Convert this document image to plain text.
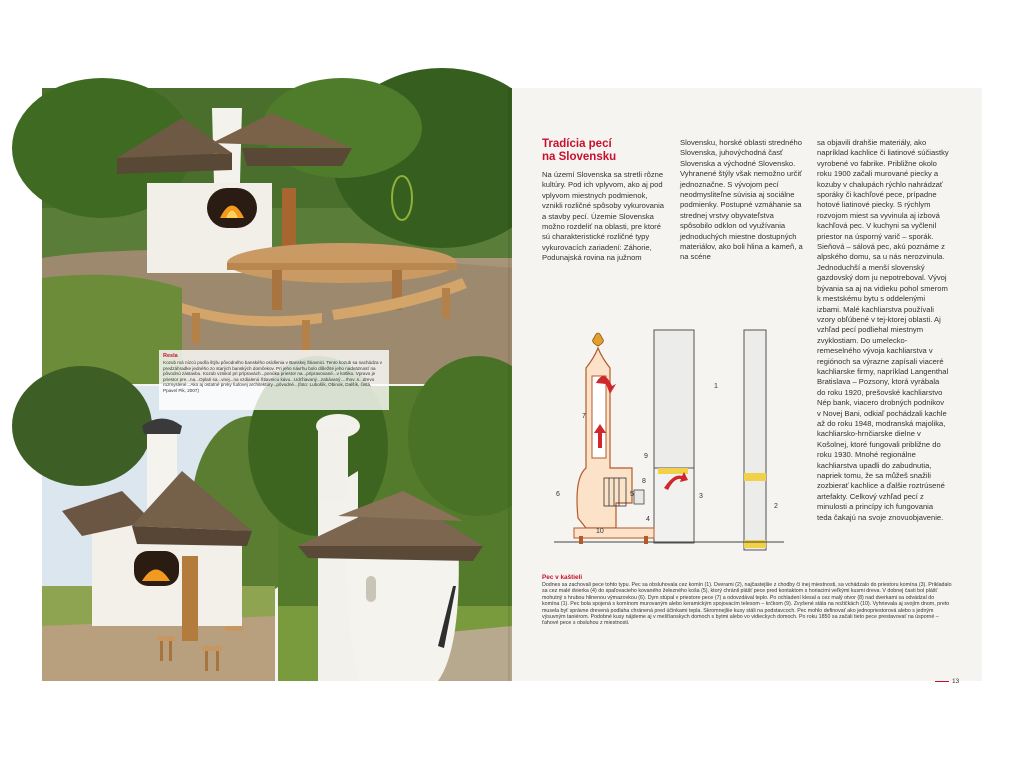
Resla
Kozub má nízcú podľa štýlu pôvodného banského osídlenia v Banskej Štiavnici. Tento kozub sa nachádza v predzáhradke jedného zo starých banských domčekov. Pri jeho návrhu bolo dôležité jeho nadväznosť na pôvodnú zástavbu. Kozub vznikol pri prípravách...ponúka priestor na...pripravované...v kotliku. Vpravo je priestor pre...na...Oplatí sa...vnej...na vzdialenú Štiavnicu kávu...Udržiavaný...zabávaný....rhov..s...drevo rozmyslené...Ako aj ostatné prvky ľudovej architektúry...pôvodné...(foto: Lubošík, Obinok, Dalšík, čistá, Ppavel Pik, 2007)
Tradícia pecí
na Slovensku
Na území Slovenska sa stretli rôzne kultúry. Pod ich vplyvom, ako aj pod vplyvom miestnych podmienok, vznikli rozličné spôsoby vykurovania a stavby pecí. Územie Slovenska možno rozdeliť na oblasti, pre ktoré sú charakteristické rozličné typy vykurovacích zariadení: Záhorie, Podunajská rovina na južnom
Slovensku, horské oblasti stredného Slovenska, juhovýchodná časť Slovenska a východné Slovensko. Vyhranené štýly však nemožno určiť jednoznačne. S vývojom pecí neodmysliteľne súvisia aj sociálne podmienky. Postupné vzmáhanie sa strednej vrstvy obyvateľstva spôsobilo odklon od využívania jednoduchých miestne dostupných materiálov, ako boli hlina a kameň, a na scéne
sa objavili drahšie materiály, ako napríklad kachlice či liatinové súčiastky vyrobené vo fabrike. Približne okolo roku 1900 začali murované piecky a kozuby v chalupách rýchlo nahrádzať sporáky či kachľové pece, prípadne hotové liatinové piecky. S rýchlym rozvojom miest sa vyvinula aj izbová kachľová pec. V kuchyni sa vyčlenil priestor na úsporný varič – sporák. Sieňová – sálová pec, akú poznáme z alpského domu, sa u nás nerozvinula. Jednoduchší a menší slovenský gazdovský dom ju nepotreboval. Vývoj bývania sa aj na vidieku pohol smerom k mestskému bytu s oddelenými izbami. Malé kachliarstva používali vzory obľúbené v tej-ktorej oblasti. Aj vzhľad pecí podliehal miestnym zvyklostiam. Do umelecko-remeselného vývoja kachliarstva v regiónoch sa výrazne zapísali viaceré kachliarske firmy, napríklad Langenthal Bratislava – Pozsony, ktorá vyrábala do roku 1920, prešovské kachliarstvo Nép bank, viacero drobných podnikov v Novej Bani, odkiaľ pochádzali kachle až do roku 1948, modranská majolika, kachliarsko-hrnčiarske dielne v Košolnej, ktoré fungovali približne do roku 1930. Mnohé regionálne kachliarstva upadli do zabudnutia, napriek tomu, že sa můžeš snažili zozbierať kachlice a ďalšie roztrúsené artefakty. Celkový vzhľad pecí z minulosti a princípy ich fungovania teda čakajú na svoje znovuobjavenie.
1
2
3
4
5
6
7
8
9
10
Pec v kaštieli
Dodnes sa zachovali pece tohto typu. Pec sa obsluhovala cez komín (1). Dverami (2), najčastejšie z chodby či inej miestnosti, sa vchádzalo do priestoru komína (3). Prikladalo sa cez malé dvierka (4) do spaľovacieho kovaného železného koša (5), ktorý chránil plášť pece pred kontaktom s horiacimi veľkými kusmi dreva. V dobnej časti bol plášť mohutný s hrubou hlinenou výmazovkou (6). Dym stúpal v priestore pece (7) a odovzdával teplo. Po ochladení klesal a cez malý otvor (8) nad dverkami sa odvádzal do komína (1). Pec bola spojená s komínom murovaným alebo keramickým spojovacím telesom – krčkom (9). Zvyšené stála na nožičkách (10). Vyhrievala aj svojím dnom, preto musela byť správne drevená podlaha chránená pred účinkami tepla. Skromnejšie kusy stáli na podstavcoch. Pec mohlo definovať ako jednopriestorová alebo s jedným výsuvným taniérom. Podobné kusy nájdeme aj v mešťianskych domoch s bytmi alebo vo vidieckych domoch. Po roku 1850 sa začali tieto pece prestavovať na úsporné – ťahové pece s obsluhou z miestnosti.
13
